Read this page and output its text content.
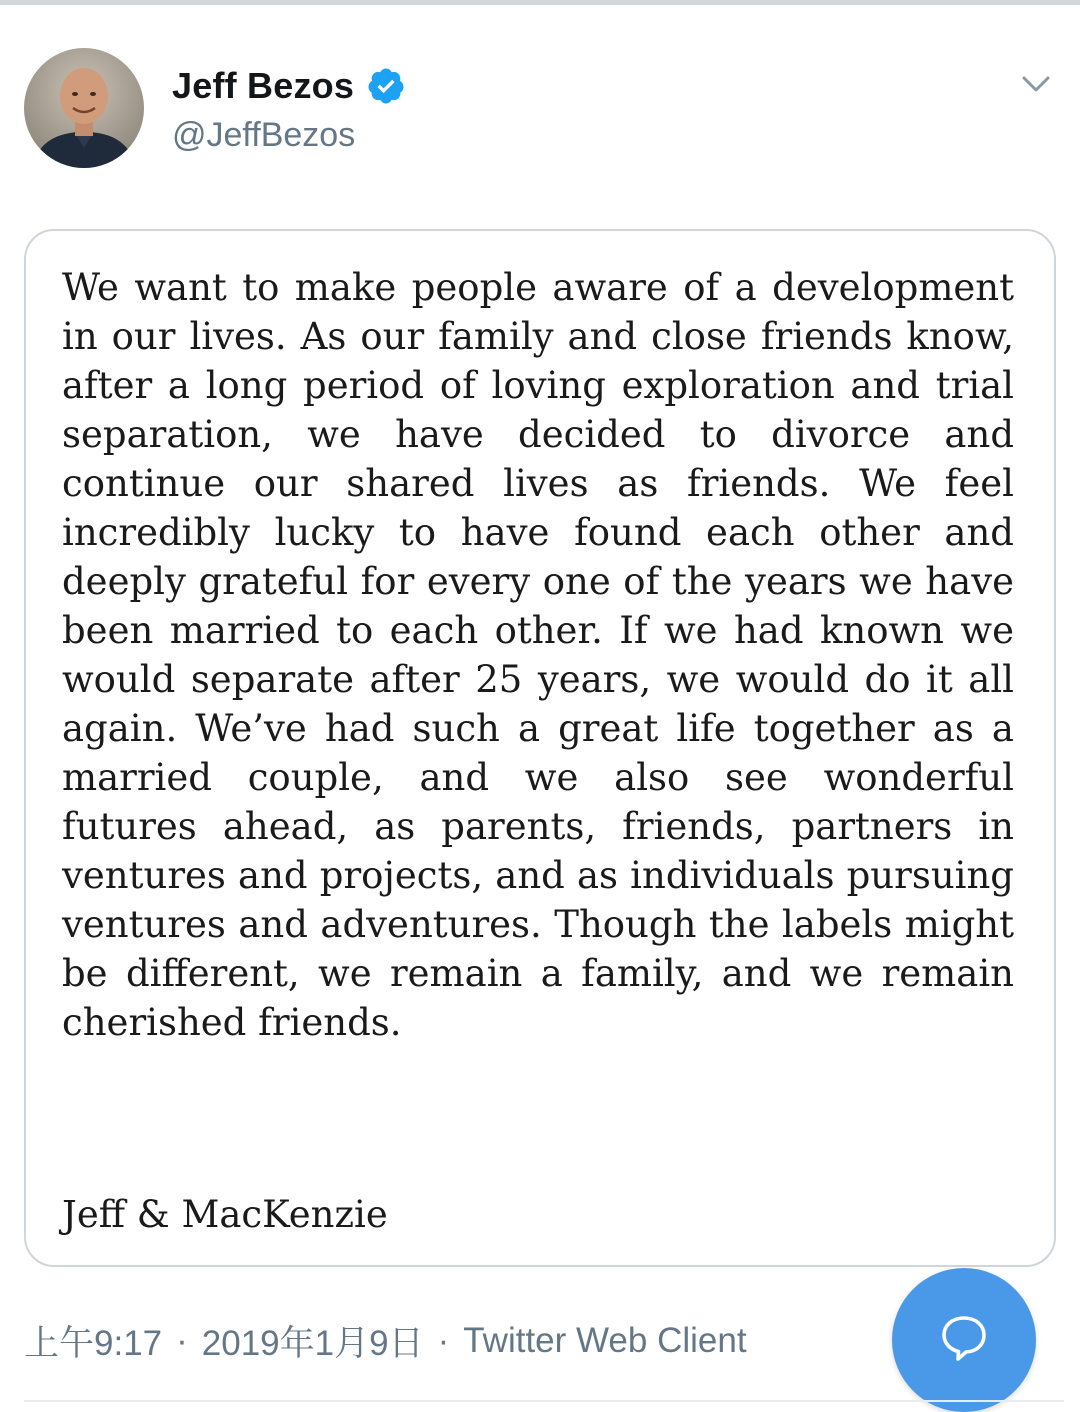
Jeff Bezos
@JeffBezos

We want to make people aware of a development in our lives. As our family and close friends know, after a long period of loving exploration and trial separation, we have decided to divorce and continue our shared lives as friends. We feel incredibly lucky to have found each other and deeply grateful for every one of the years we have been married to each other. If we had known we would separate after 25 years, we would do it all again. We’ve had such a great life together as a married couple, and we also see wonderful futures ahead, as parents, friends, partners in ventures and projects, and as individuals pursuing ventures and adventures. Though the labels might be different, we remain a family, and we remain cherished friends.

Jeff & MacKenzie

上午9:17 · 2019年1月9日 · Twitter Web Client
